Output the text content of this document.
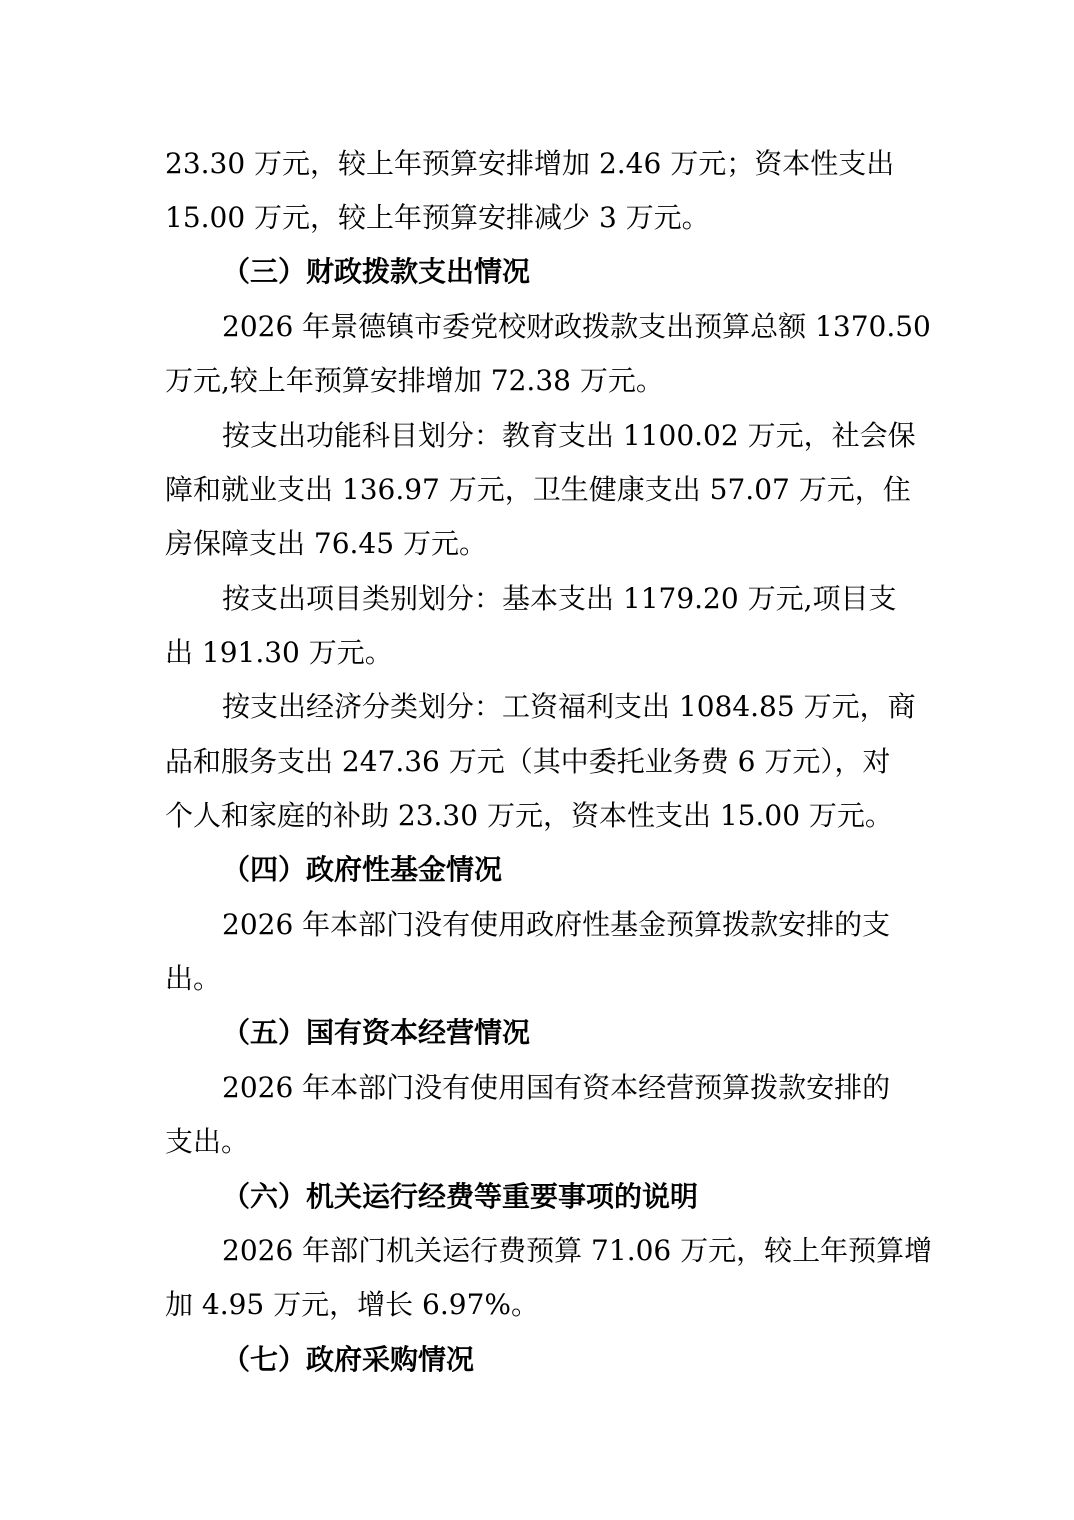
23.30 万元，较上年预算安排增加 2.46 万元；资本性支出
15.00 万元，较上年预算安排减少 3 万元。
（三）财政拨款支出情况
2026 年景德镇市委党校财政拨款支出预算总额 1370.50
万元,较上年预算安排增加 72.38 万元。
按支出功能科目划分：教育支出 1100.02 万元，社会保
障和就业支出 136.97 万元，卫生健康支出 57.07 万元，住
房保障支出 76.45 万元。
按支出项目类别划分：基本支出 1179.20 万元,项目支
出 191.30 万元。
按支出经济分类划分：工资福利支出 1084.85 万元，商
品和服务支出 247.36 万元（其中委托业务费 6 万元），对
个人和家庭的补助 23.30 万元，资本性支出 15.00 万元。
（四）政府性基金情况
2026 年本部门没有使用政府性基金预算拨款安排的支
出。
（五）国有资本经营情况
2026 年本部门没有使用国有资本经营预算拨款安排的
支出。
（六）机关运行经费等重要事项的说明
2026 年部门机关运行费预算 71.06 万元，较上年预算增
加 4.95 万元，增长 6.97%。
（七）政府采购情况
